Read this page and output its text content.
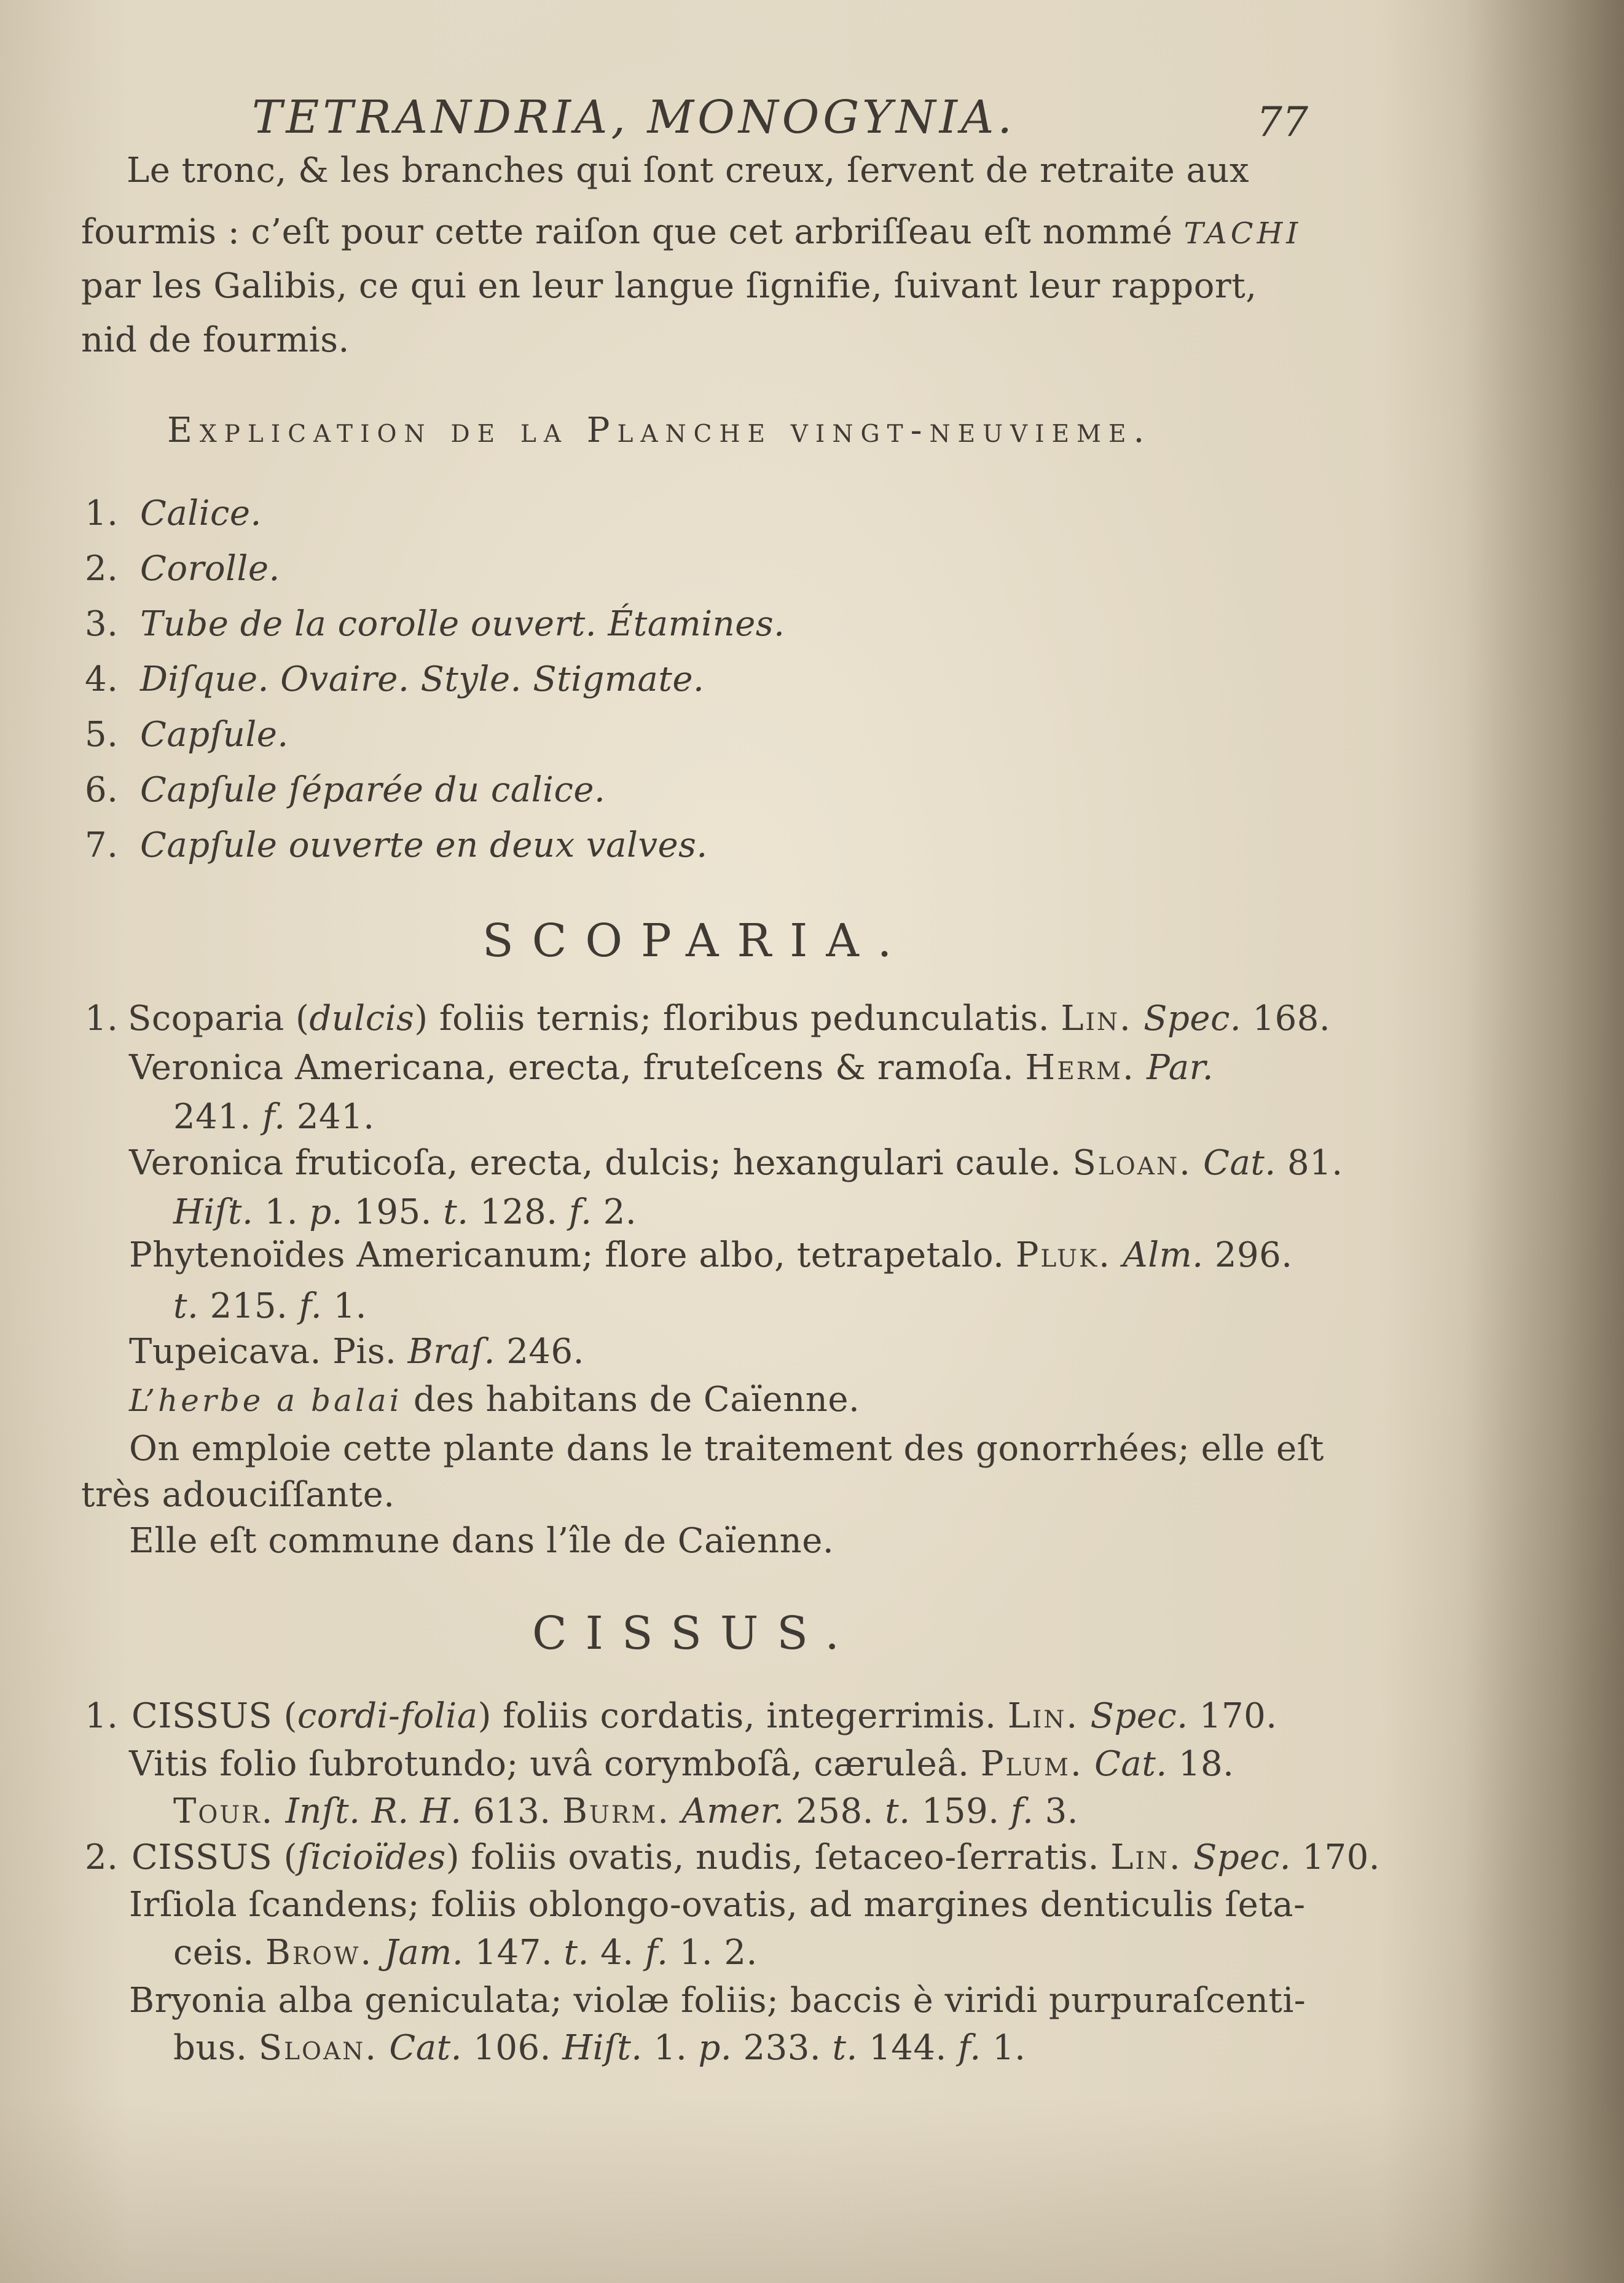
TETRANDRIA, MONOGYNIA.	77
Le tronc, & les branches qui ſont creux, ſervent de retraite aux
fourmis : c’eſt pour cette raiſon que cet arbriſſeau eſt nommé TACHI
par les Galibis, ce qui en leur langue ſignifie, ſuivant leur rapport,
nid de fourmis.
Explication de la Planche vingt-neuvieme.
1. Calice.
2. Corolle.
3. Tube de la corolle ouvert. Étamines.
4. Diſque. Ovaire. Style. Stigmate.
5. Capſule.
6. Capſule ſéparée du calice.
7. Capſule ouverte en deux valves.
SCOPARIA.
1. Scoparia (dulcis) foliis ternis; floribus pedunculatis. Lin. Spec. 168.
Veronica Americana, erecta, fruteſcens & ramoſa. Herm. Par.
241. f. 241.
Veronica fruticoſa, erecta, dulcis; hexangulari caule. Sloan. Cat. 81.
Hiſt. 1. p. 195. t. 128. f. 2.
Phytenoïdes Americanum; flore albo, tetrapetalo. Pluk. Alm. 296.
t. 215. f. 1.
Tupeicava. Pis. Braſ. 246.
L’herbe a balai des habitans de Caïenne.
On emploie cette plante dans le traitement des gonorrhées; elle eſt
très adouciſſante.
Elle eſt commune dans l’île de Caïenne.
CISSUS.
1. CISSUS (cordi-folia) foliis cordatis, integerrimis. Lin. Spec. 170.
Vitis folio ſubrotundo; uvâ corymboſâ, cæruleâ. Plum. Cat. 18.
Tour. Inſt. R. H. 613. Burm. Amer. 258. t. 159. f. 3.
2. CISSUS (ſicioïdes) foliis ovatis, nudis, ſetaceo-ſerratis. Lin. Spec. 170.
Irſiola ſcandens; foliis oblongo-ovatis, ad margines denticulis ſeta-
ceis. Brow. Jam. 147. t. 4. f. 1. 2.
Bryonia alba geniculata; violæ foliis; baccis è viridi purpuraſcenti-
bus. Sloan. Cat. 106. Hiſt. 1. p. 233. t. 144. f. 1.
